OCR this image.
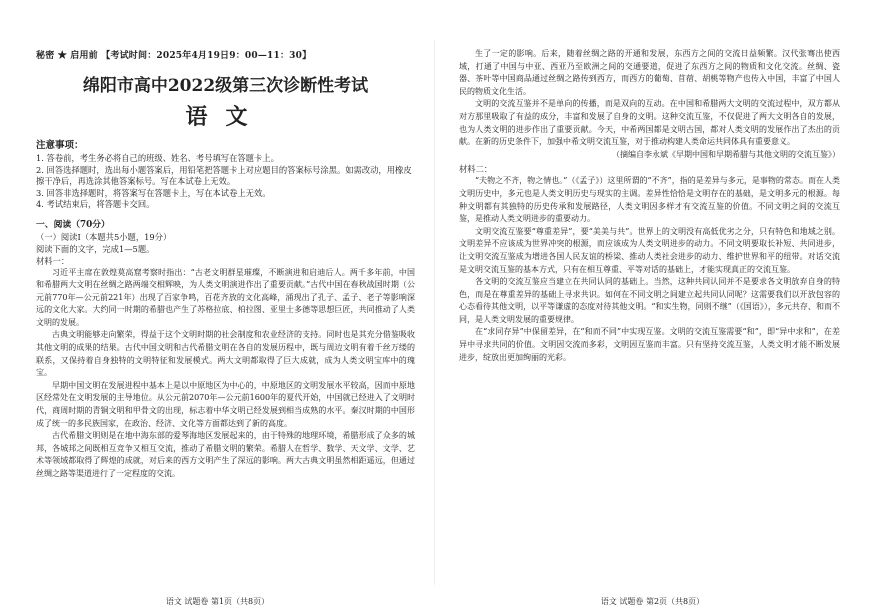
秘密 ★ 启用前 【考试时间：2025年4月19日9：00—11：30】
绵阳市高中2022级第三次诊断性考试
语文
注意事项：
1. 答卷前，考生务必将自己的班级、姓名、考号填写在答题卡上。
2. 回答选择题时，选出每小题答案后，用铅笔把答题卡上对应题目的答案标号涂黑。如需改动，用橡皮擦干净后，再选涂其他答案标号。写在本试卷上无效。
3. 回答非选择题时，将答案写在答题卡上，写在本试卷上无效。
4. 考试结束后，将答题卡交回。
一、阅读（70分）
（一）阅读Ⅰ（本题共5小题，19分）
阅读下面的文字，完成1—5题。
材料一：

习近平主席在敦煌莫高窟考察时指出：“古老文明群星璀璨，不断演进和启迪后人。两千多年前，中国和希腊两大文明在丝绸之路两端交相辉映，为人类文明演进作出了重要贡献。”古代中国在春秋战国时期（公元前770年—公元前221年）出现了百家争鸣，百花齐放的文化高峰，涌现出了孔子、孟子、老子等影响深远的文化大家。大约同一时期的希腊也产生了苏格拉底、柏拉图、亚里士多德等思想巨匠，共同推动了人类文明的发展。

古典文明能够走向繁荣，得益于这个文明时期的社会制度和农业经济的支持。同时也是其充分借鉴吸收其他文明的成果的结果。古代中国文明和古代希腊文明在各自的发展历程中，既与周边文明有着千丝万缕的联系，又保持着自身独特的文明特征和发展模式。两大文明都取得了巨大成就，成为人类文明宝库中的瑰宝。

早期中国文明在发展进程中基本上是以中原地区为中心的，中原地区的文明发展水平较高，因而中原地区经常处在文明发展的主导地位。从公元前2070年—公元前1600年的夏代开始，中国就已经进入了文明时代，商周时期的青铜文明和甲骨文的出现，标志着中华文明已经发展到相当成熟的水平。秦汉时期的中国形成了统一的多民族国家，在政治、经济、文化等方面都达到了新的高度。

古代希腊文明则是在地中海东部的爱琴海地区发展起来的，由于特殊的地理环境，希腊形成了众多的城邦，各城邦之间既相互竞争又相互交流，推动了希腊文明的繁荣。希腊人在哲学、数学、天文学、文学、艺术等领域都取得了辉煌的成就，对后来的西方文明产生了深远的影响。两大古典文明虽然相距遥远，但通过丝绸之路等渠道进行了一定程度的交流。

语文 试题卷 第1页（共8页）

生了一定的影响。后来，随着丝绸之路的开通和发展，东西方之间的交流日益频繁。汉代张骞出使西域，打通了中国与中亚、西亚乃至欧洲之间的交通要道，促进了东西方之间的物质和文化交流。丝绸、瓷器、茶叶等中国商品通过丝绸之路传到西方，而西方的葡萄、苜蓿、胡桃等物产也传入中国，丰富了中国人民的物质文化生活。

文明的交流互鉴并不是单向的传播，而是双向的互动。在中国和希腊两大文明的交流过程中，双方都从对方那里吸取了有益的成分，丰富和发展了自身的文明。这种交流互鉴，不仅促进了两大文明各自的发展，也为人类文明的进步作出了重要贡献。今天，中希两国都是文明古国，都对人类文明的发展作出了杰出的贡献。在新的历史条件下，加强中希文明交流互鉴，对于推动构建人类命运共同体具有重要意义。

（摘编自李永斌《早期中国和早期希腊与其他文明的交流互鉴》）

材料二：

“夫物之不齐，物之情也。”（《孟子》）这里所谓的“不齐”，指的是差异与多元，是事物的常态。而在人类文明历史中，多元也是人类文明历史与现实的主调。差异性恰恰是文明存在的基础，是文明多元的根源。每种文明都有其独特的历史传承和发展路径，人类文明因多样才有交流互鉴的价值。不同文明之间的交流互鉴，是推动人类文明进步的重要动力。

文明交流互鉴要“尊重差异”，要“美美与共”。世界上的文明没有高低优劣之分，只有特色和地域之别。文明差异不应该成为世界冲突的根源，而应该成为人类文明进步的动力。不同文明要取长补短、共同进步，让文明交流互鉴成为增进各国人民友谊的桥梁、推动人类社会进步的动力、维护世界和平的纽带。对话交流是文明交流互鉴的基本方式，只有在相互尊重、平等对话的基础上，才能实现真正的交流互鉴。

各文明的交流互鉴应当建立在共同认同的基础上。当然，这种共同认同并不是要求各文明放弃自身的特色，而是在尊重差异的基础上寻求共识。如何在不同文明之间建立起共同认同呢？这需要我们以开放包容的心态看待其他文明，以平等谦虚的态度对待其他文明。“和实生物，同则不继”（《国语》），多元共存、和而不同，是人类文明发展的重要规律。

在“求同存异”中保留差异，在“和而不同”中实现互鉴。文明的交流互鉴需要“和”，即“异中求和”，在差异中寻求共同的价值。文明因交流而多彩，文明因互鉴而丰富。只有坚持交流互鉴，人类文明才能不断发展进步，绽放出更加绚丽的光彩。

语文 试题卷 第2页（共8页）
